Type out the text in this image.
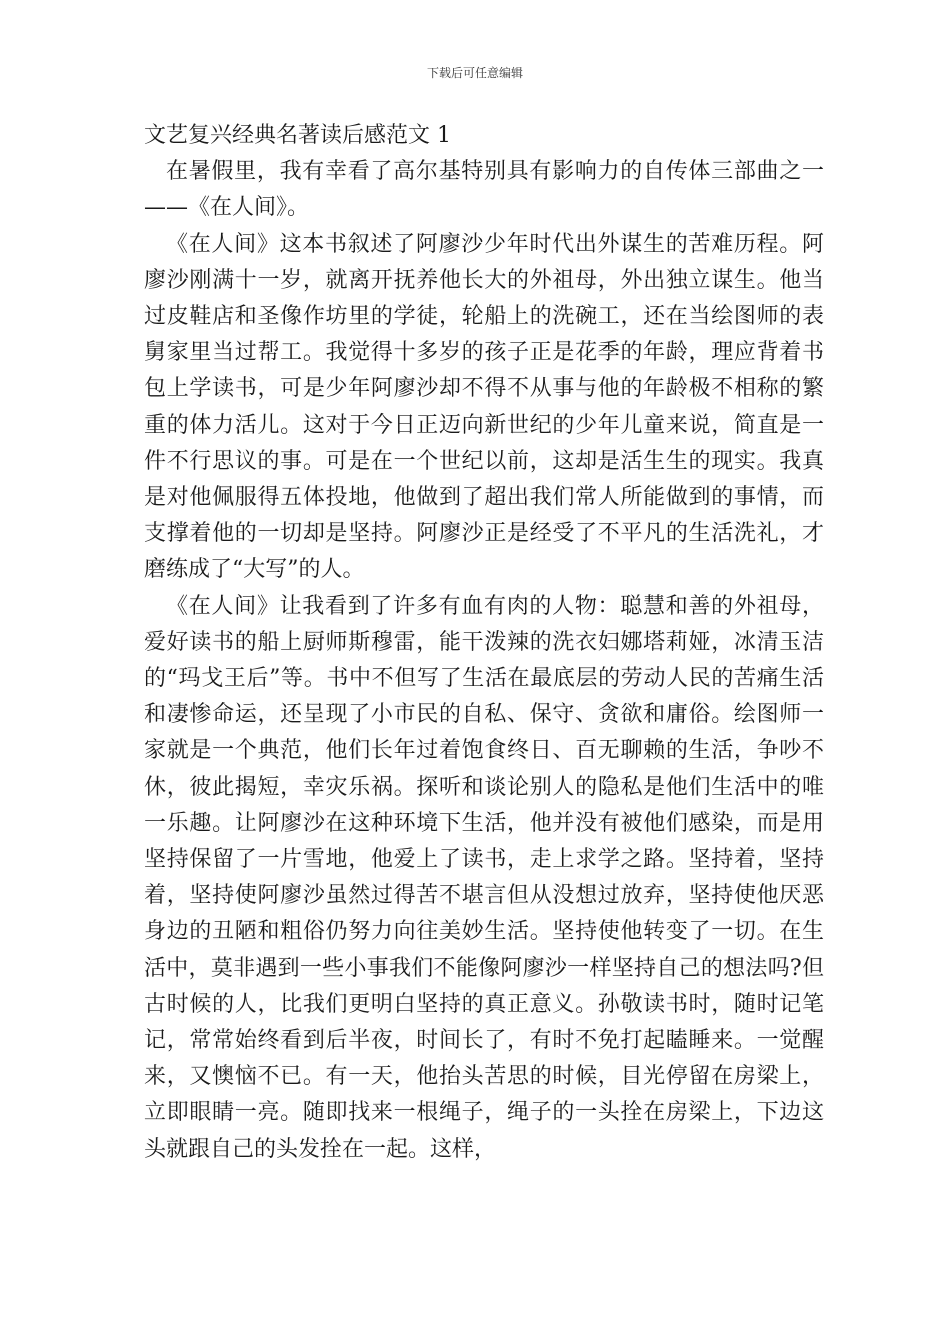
下载后可任意编辑
文艺复兴经典名著读后感范文 1

在暑假里，我有幸看了高尔基特别具有影响力的自传体三部曲之一——《在人间》。

《在人间》这本书叙述了阿廖沙少年时代出外谋生的苦难历程。阿廖沙刚满十一岁，就离开抚养他长大的外祖母，外出独立谋生。他当过皮鞋店和圣像作坊里的学徒，轮船上的洗碗工，还在当绘图师的表舅家里当过帮工。我觉得十多岁的孩子正是花季的年龄，理应背着书包上学读书，可是少年阿廖沙却不得不从事与他的年龄极不相称的繁重的体力活儿。这对于今日正迈向新世纪的少年儿童来说，简直是一件不行思议的事。可是在一个世纪以前，这却是活生生的现实。我真是对他佩服得五体投地，他做到了超出我们常人所能做到的事情，而支撑着他的一切却是坚持。阿廖沙正是经受了不平凡的生活洗礼，才磨练成了“大写”的人。

《在人间》让我看到了许多有血有肉的人物：聪慧和善的外祖母，爱好读书的船上厨师斯穆雷，能干泼辣的洗衣妇娜塔莉娅，冰清玉洁的“玛戈王后”等。书中不但写了生活在最底层的劳动人民的苦痛生活和凄惨命运，还呈现了小市民的自私、保守、贪欲和庸俗。绘图师一家就是一个典范，他们长年过着饱食终日、百无聊赖的生活，争吵不休，彼此揭短，幸灾乐祸。探听和谈论别人的隐私是他们生活中的唯一乐趣。让阿廖沙在这种环境下生活，他并没有被他们感染，而是用坚持保留了一片雪地，他爱上了读书，走上求学之路。坚持着，坚持着，坚持使阿廖沙虽然过得苦不堪言但从没想过放弃，坚持使他厌恶身边的丑陋和粗俗仍努力向往美妙生活。坚持使他转变了一切。在生活中，莫非遇到一些小事我们不能像阿廖沙一样坚持自己的想法吗?但古时候的人，比我们更明白坚持的真正意义。孙敬读书时，随时记笔记，常常始终看到后半夜，时间长了，有时不免打起瞌睡来。一觉醒来，又懊恼不已。有一天，他抬头苦思的时候，目光停留在房梁上，立即眼睛一亮。随即找来一根绳子，绳子的一头拴在房梁上，下边这头就跟自己的头发拴在一起。这样，
